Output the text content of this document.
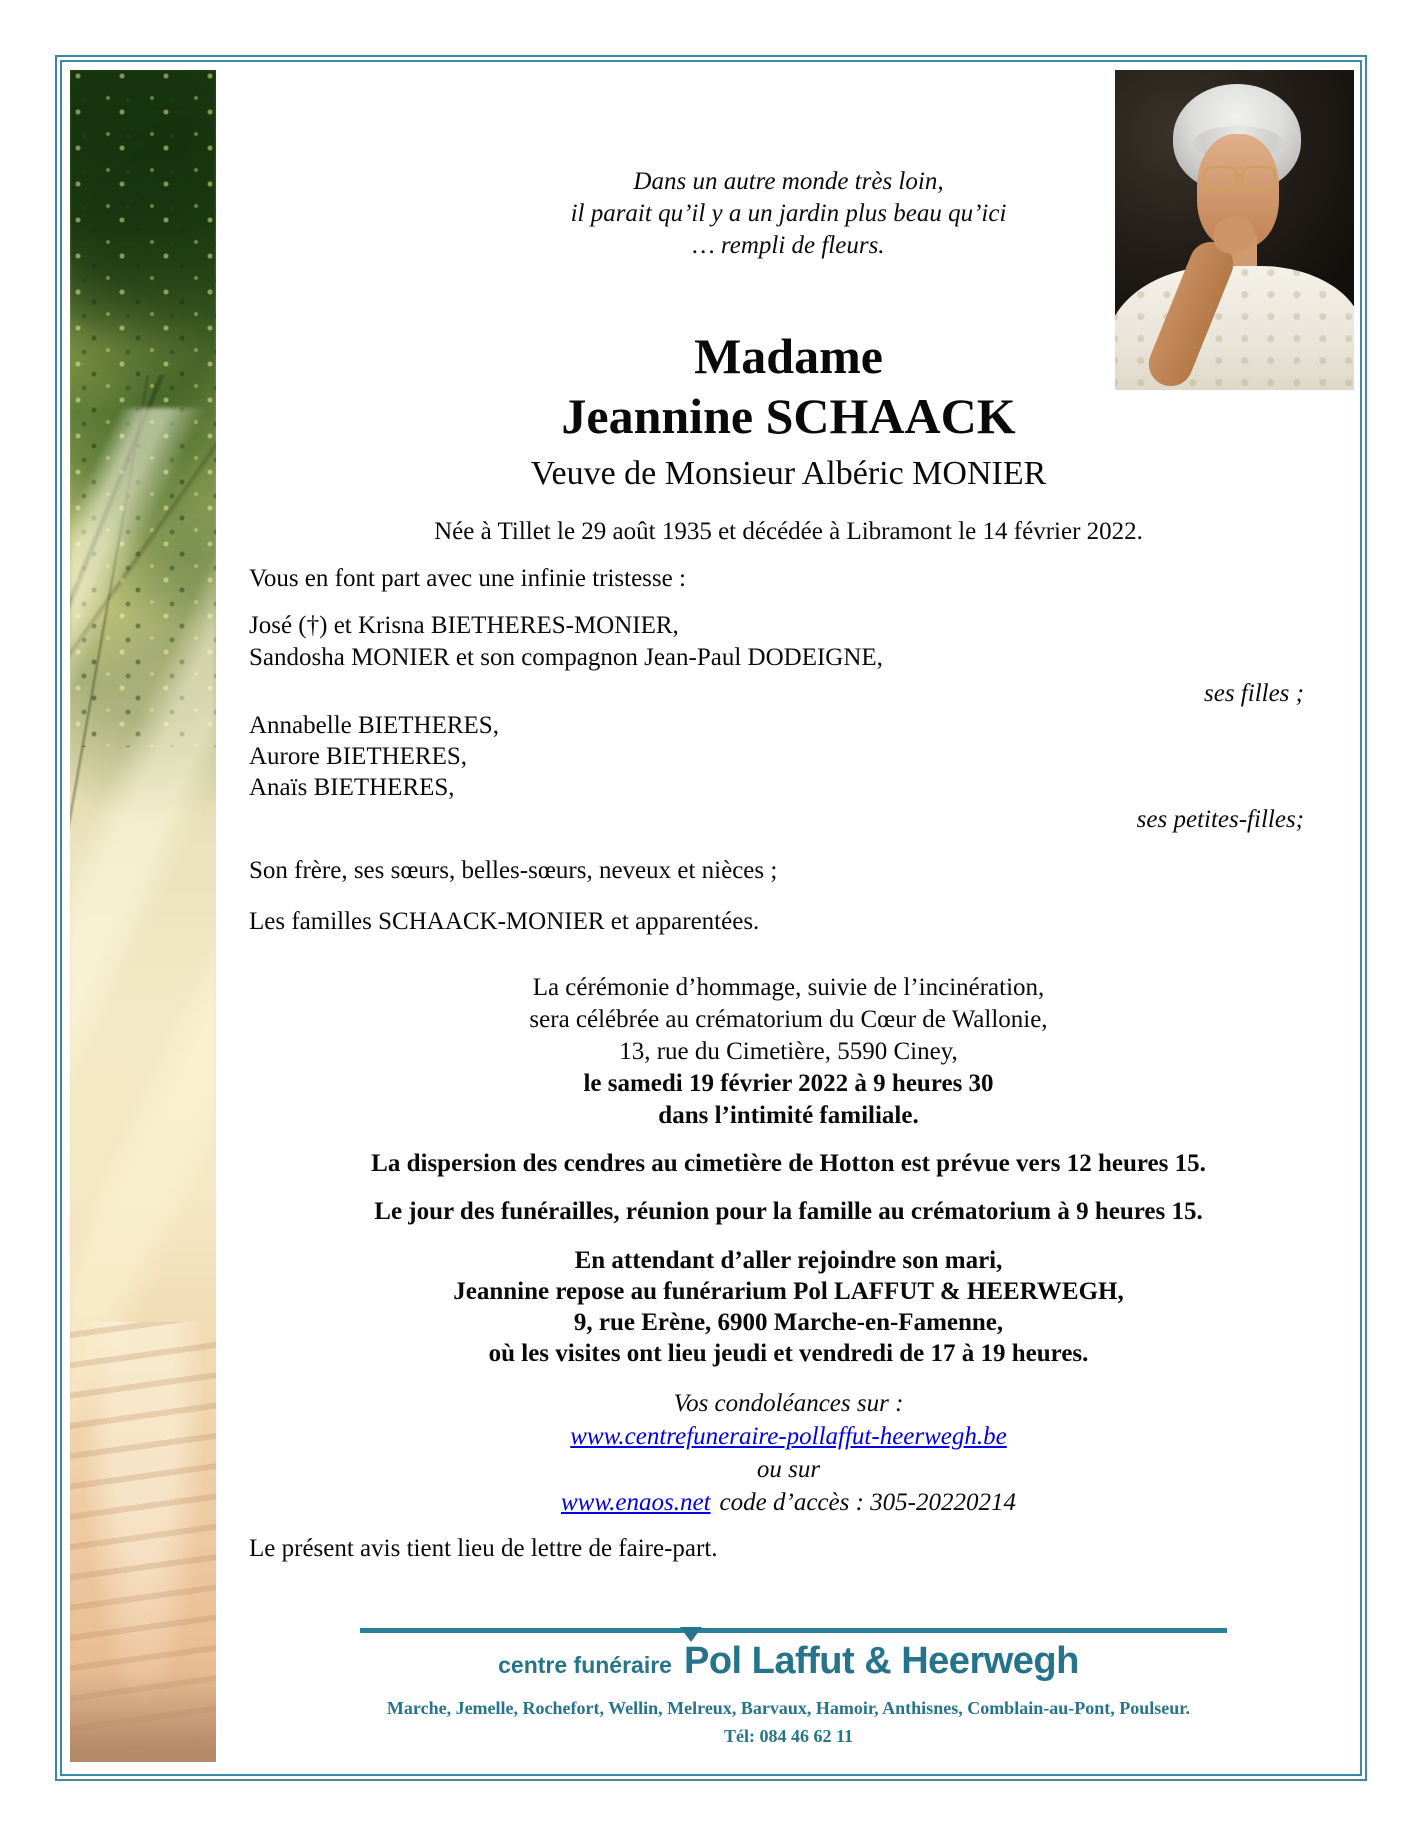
Dans un autre monde très loin,
il parait qu’il y a un jardin plus beau qu’ici
… rempli de fleurs.
Madame
Jeannine SCHAACK
Veuve de Monsieur Albéric MONIER
Née à Tillet le 29 août 1935 et décédée à Libramont le 14 février 2022.
Vous en font part avec une infinie tristesse :
José (†) et Krisna BIETHERES-MONIER,
Sandosha MONIER et son compagnon Jean-Paul DODEIGNE,
ses filles ;
Annabelle BIETHERES,
Aurore BIETHERES,
Anaïs BIETHERES,
ses petites-filles;
Son frère, ses sœurs, belles-sœurs, neveux et nièces ;
Les familles SCHAACK-MONIER et apparentées.
La cérémonie d’hommage, suivie de l’incinération,
sera célébrée au crématorium du Cœur de Wallonie,
13, rue du Cimetière, 5590 Ciney,
le samedi 19 février 2022 à 9 heures 30
dans l’intimité familiale.
La dispersion des cendres au cimetière de Hotton est prévue vers 12 heures 15.
Le jour des funérailles, réunion pour la famille au crématorium à 9 heures 15.
En attendant d’aller rejoindre son mari,
Jeannine repose au funérarium Pol LAFFUT & HEERWEGH,
9, rue Erène, 6900 Marche-en-Famenne,
où les visites ont lieu jeudi et vendredi de 17 à 19 heures.
Vos condoléances sur :
www.centrefuneraire-pollaffut-heerwegh.be
ou sur
www.enaos.net code d’accès : 305-20220214
Le présent avis tient lieu de lettre de faire-part.
centre funéraire Pol Laffut & Heerwegh
Marche, Jemelle, Rochefort, Wellin, Melreux, Barvaux, Hamoir, Anthisnes, Comblain-au-Pont, Poulseur.
Tél: 084 46 62 11
